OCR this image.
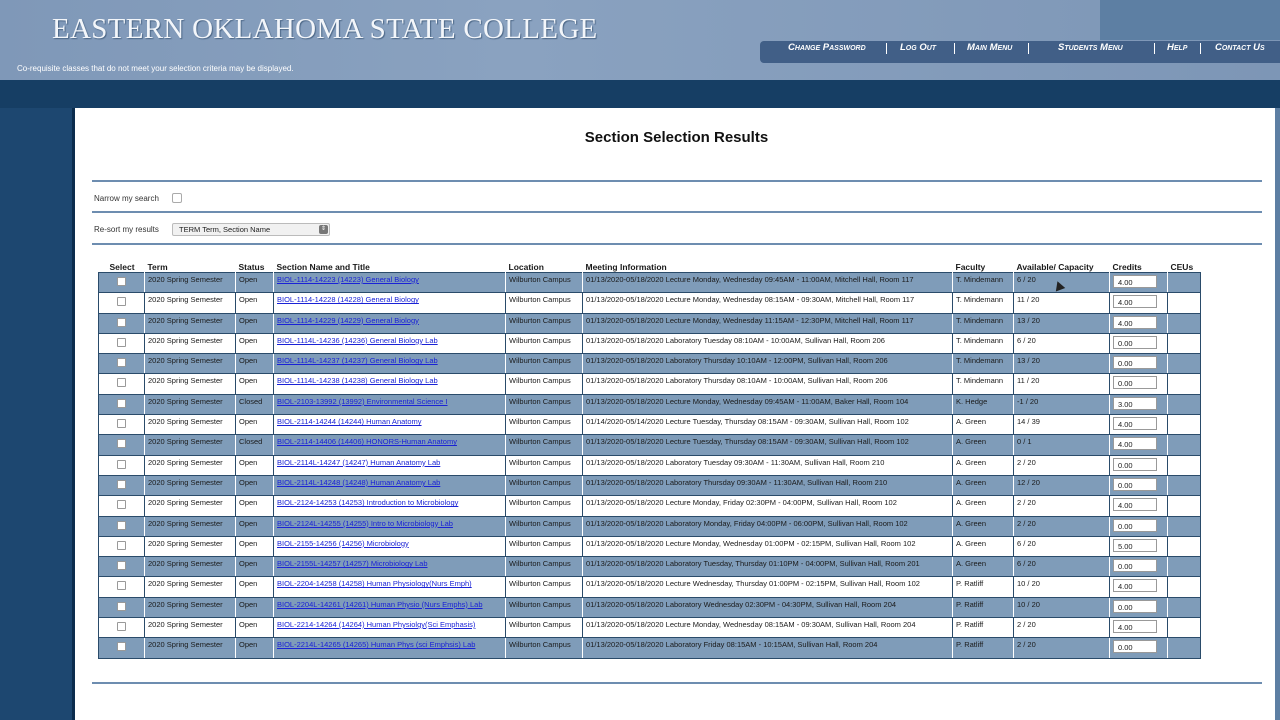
EASTERN OKLAHOMA STATE COLLEGE
Co-requisite classes that do not meet your selection criteria may be displayed.
Change Password	Log Out	Main Menu	Students Menu	Help	Contact Us
Section Selection Results
Narrow my search
Re-sort my results	TERM Term, Section Name	⇕
Select	Term	Status	Section Name and Title	Location	Meeting Information	Faculty	Available/ Capacity	Credits	CEUs
	2020 Spring Semester	Open	BIOL-1114-14223 (14223) General Biology	Wilburton Campus	01/13/2020-05/18/2020 Lecture Monday, Wednesday 09:45AM - 11:00AM, Mitchell Hall, Room 117	T. Mindemann	6 / 20	4.00	
	2020 Spring Semester	Open	BIOL-1114-14228 (14228) General Biology	Wilburton Campus	01/13/2020-05/18/2020 Lecture Monday, Wednesday 08:15AM - 09:30AM, Mitchell Hall, Room 117	T. Mindemann	11 / 20	4.00	
	2020 Spring Semester	Open	BIOL-1114-14229 (14229) General Biology	Wilburton Campus	01/13/2020-05/18/2020 Lecture Monday, Wednesday 11:15AM - 12:30PM, Mitchell Hall, Room 117	T. Mindemann	13 / 20	4.00	
	2020 Spring Semester	Open	BIOL-1114L-14236 (14236) General Biology Lab	Wilburton Campus	01/13/2020-05/18/2020 Laboratory Tuesday 08:10AM - 10:00AM, Sullivan Hall, Room 206	T. Mindemann	6 / 20	0.00	
	2020 Spring Semester	Open	BIOL-1114L-14237 (14237) General Biology Lab	Wilburton Campus	01/13/2020-05/18/2020 Laboratory Thursday 10:10AM - 12:00PM, Sullivan Hall, Room 206	T. Mindemann	13 / 20	0.00	
	2020 Spring Semester	Open	BIOL-1114L-14238 (14238) General Biology Lab	Wilburton Campus	01/13/2020-05/18/2020 Laboratory Thursday 08:10AM - 10:00AM, Sullivan Hall, Room 206	T. Mindemann	11 / 20	0.00	
	2020 Spring Semester	Closed	BIOL-2103-13992 (13992) Environmental Science I	Wilburton Campus	01/13/2020-05/18/2020 Lecture Monday, Wednesday 09:45AM - 11:00AM, Baker Hall, Room 104	K. Hedge	-1 / 20	3.00	
	2020 Spring Semester	Open	BIOL-2114-14244 (14244) Human Anatomy	Wilburton Campus	01/14/2020-05/14/2020 Lecture Tuesday, Thursday 08:15AM - 09:30AM, Sullivan Hall, Room 102	A. Green	14 / 39	4.00	
	2020 Spring Semester	Closed	BIOL-2114-14406 (14406) HONORS-Human Anatomy	Wilburton Campus	01/13/2020-05/18/2020 Lecture Tuesday, Thursday 08:15AM - 09:30AM, Sullivan Hall, Room 102	A. Green	0 / 1	4.00	
	2020 Spring Semester	Open	BIOL-2114L-14247 (14247) Human Anatomy Lab	Wilburton Campus	01/13/2020-05/18/2020 Laboratory Tuesday 09:30AM - 11:30AM, Sullivan Hall, Room 210	A. Green	2 / 20	0.00	
	2020 Spring Semester	Open	BIOL-2114L-14248 (14248) Human Anatomy Lab	Wilburton Campus	01/13/2020-05/18/2020 Laboratory Thursday 09:30AM - 11:30AM, Sullivan Hall, Room 210	A. Green	12 / 20	0.00	
	2020 Spring Semester	Open	BIOL-2124-14253 (14253) Introduction to Microbiology	Wilburton Campus	01/13/2020-05/18/2020 Lecture Monday, Friday 02:30PM - 04:00PM, Sullivan Hall, Room 102	A. Green	2 / 20	4.00	
	2020 Spring Semester	Open	BIOL-2124L-14255 (14255) Intro to Microbiology Lab	Wilburton Campus	01/13/2020-05/18/2020 Laboratory Monday, Friday 04:00PM - 06:00PM, Sullivan Hall, Room 102	A. Green	2 / 20	0.00	
	2020 Spring Semester	Open	BIOL-2155-14256 (14256) Microbiology	Wilburton Campus	01/13/2020-05/18/2020 Lecture Monday, Wednesday 01:00PM - 02:15PM, Sullivan Hall, Room 102	A. Green	6 / 20	5.00	
	2020 Spring Semester	Open	BIOL-2155L-14257 (14257) Microbiology Lab	Wilburton Campus	01/13/2020-05/18/2020 Laboratory Tuesday, Thursday 01:10PM - 04:00PM, Sullivan Hall, Room 201	A. Green	6 / 20	0.00	
	2020 Spring Semester	Open	BIOL-2204-14258 (14258) Human Physiology(Nurs Emph)	Wilburton Campus	01/13/2020-05/18/2020 Lecture Wednesday, Thursday 01:00PM - 02:15PM, Sullivan Hall, Room 102	P. Ratliff	10 / 20	4.00	
	2020 Spring Semester	Open	BIOL-2204L-14261 (14261) Human Physio (Nurs Emphs) Lab	Wilburton Campus	01/13/2020-05/18/2020 Laboratory Wednesday 02:30PM - 04:30PM, Sullivan Hall, Room 204	P. Ratliff	10 / 20	0.00	
	2020 Spring Semester	Open	BIOL-2214-14264 (14264) Human Physiolgy(Sci Emphasis)	Wilburton Campus	01/13/2020-05/18/2020 Lecture Monday, Wednesday 08:15AM - 09:30AM, Sullivan Hall, Room 204	P. Ratliff	2 / 20	4.00	
	2020 Spring Semester	Open	BIOL-2214L-14265 (14265) Human Phys (sci Emphsis) Lab	Wilburton Campus	01/13/2020-05/18/2020 Laboratory Friday 08:15AM - 10:15AM, Sullivan Hall, Room 204	P. Ratliff	2 / 20	0.00	
